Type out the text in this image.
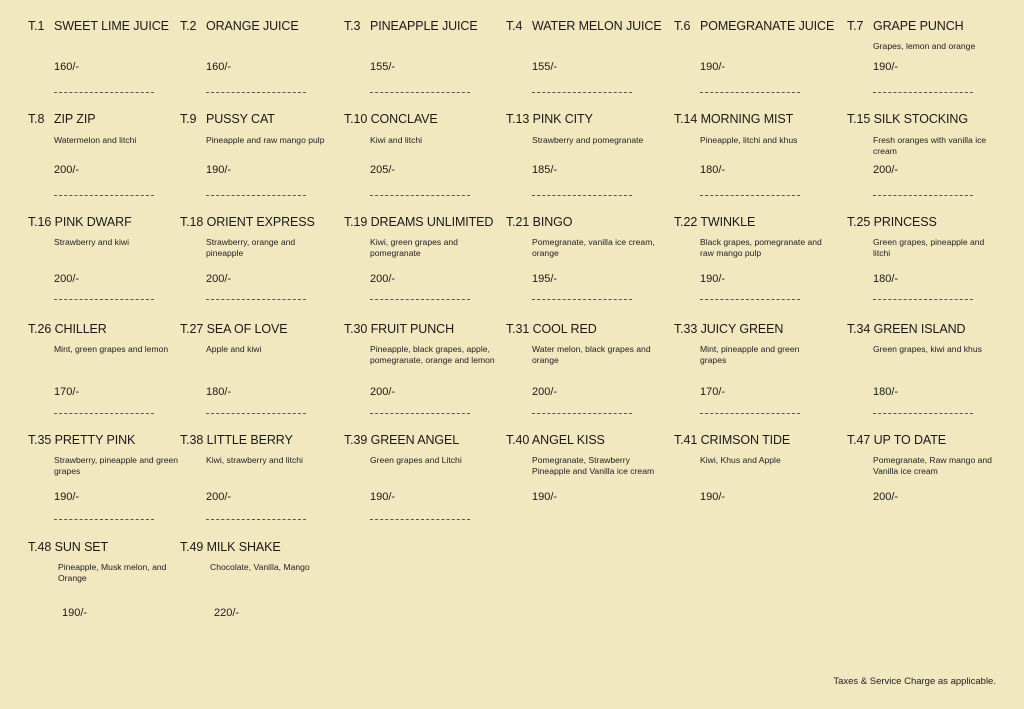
T.1 SWEET LIME JUICE
160/-
T.2 ORANGE JUICE
160/-
T.3 PINEAPPLE JUICE
155/-
T.4 WATER MELON JUICE
155/-
T.6 POMEGRANATE JUICE
190/-
T.7 GRAPE PUNCH
Grapes, lemon and orange
190/-
T.8 ZIP ZIP
Watermelon and litchi
200/-
T.9 PUSSY CAT
Pineapple and raw mango pulp
190/-
T.10 CONCLAVE
Kiwi and litchi
205/-
T.13 PINK CITY
Strawberry and pomegranate
185/-
T.14 MORNING MIST
Pineapple, litchi and khus
180/-
T.15 SILK STOCKING
Fresh oranges with vanilla ice cream
200/-
T.16 PINK DWARF
Strawberry and kiwi
200/-
T.18 ORIENT EXPRESS
Strawberry, orange and pineapple
200/-
T.19 DREAMS UNLIMITED
Kiwi, green grapes and pomegranate
200/-
T.21 BINGO
Pomegranate, vanilla ice cream, orange
195/-
T.22 TWINKLE
Black grapes, pomegranate and raw mango pulp
190/-
T.25 PRINCESS
Green grapes, pineapple and litchi
180/-
T.26 CHILLER
Mint, green grapes and lemon
170/-
T.27 SEA OF LOVE
Apple and kiwi
180/-
T.30 FRUIT PUNCH
Pineapple, black grapes, apple, pomegranate, orange and lemon
200/-
T.31 COOL RED
Water melon, black grapes and orange
200/-
T.33 JUICY GREEN
Mint, pineapple and green grapes
170/-
T.34 GREEN ISLAND
Green grapes, kiwi and khus
180/-
T.35 PRETTY PINK
Strawberry, pineapple and green grapes
190/-
T.38 LITTLE BERRY
Kiwi, strawberry and litchi
200/-
T.39 GREEN ANGEL
Green grapes and Litchi
190/-
T.40 ANGEL KISS
Pomegranate, Strawberry Pineapple and Vanilla ice cream
190/-
T.41 CRIMSON TIDE
Kiwi, Khus and Apple
190/-
T.47 UP TO DATE
Pomegranate, Raw mango and Vanilla ice cream
200/-
T.48 SUN SET
Pineapple, Musk melon, and Orange
190/-
T.49 MILK SHAKE
Chocolate, Vanilla, Mango
220/-
Taxes & Service Charge as applicable.
